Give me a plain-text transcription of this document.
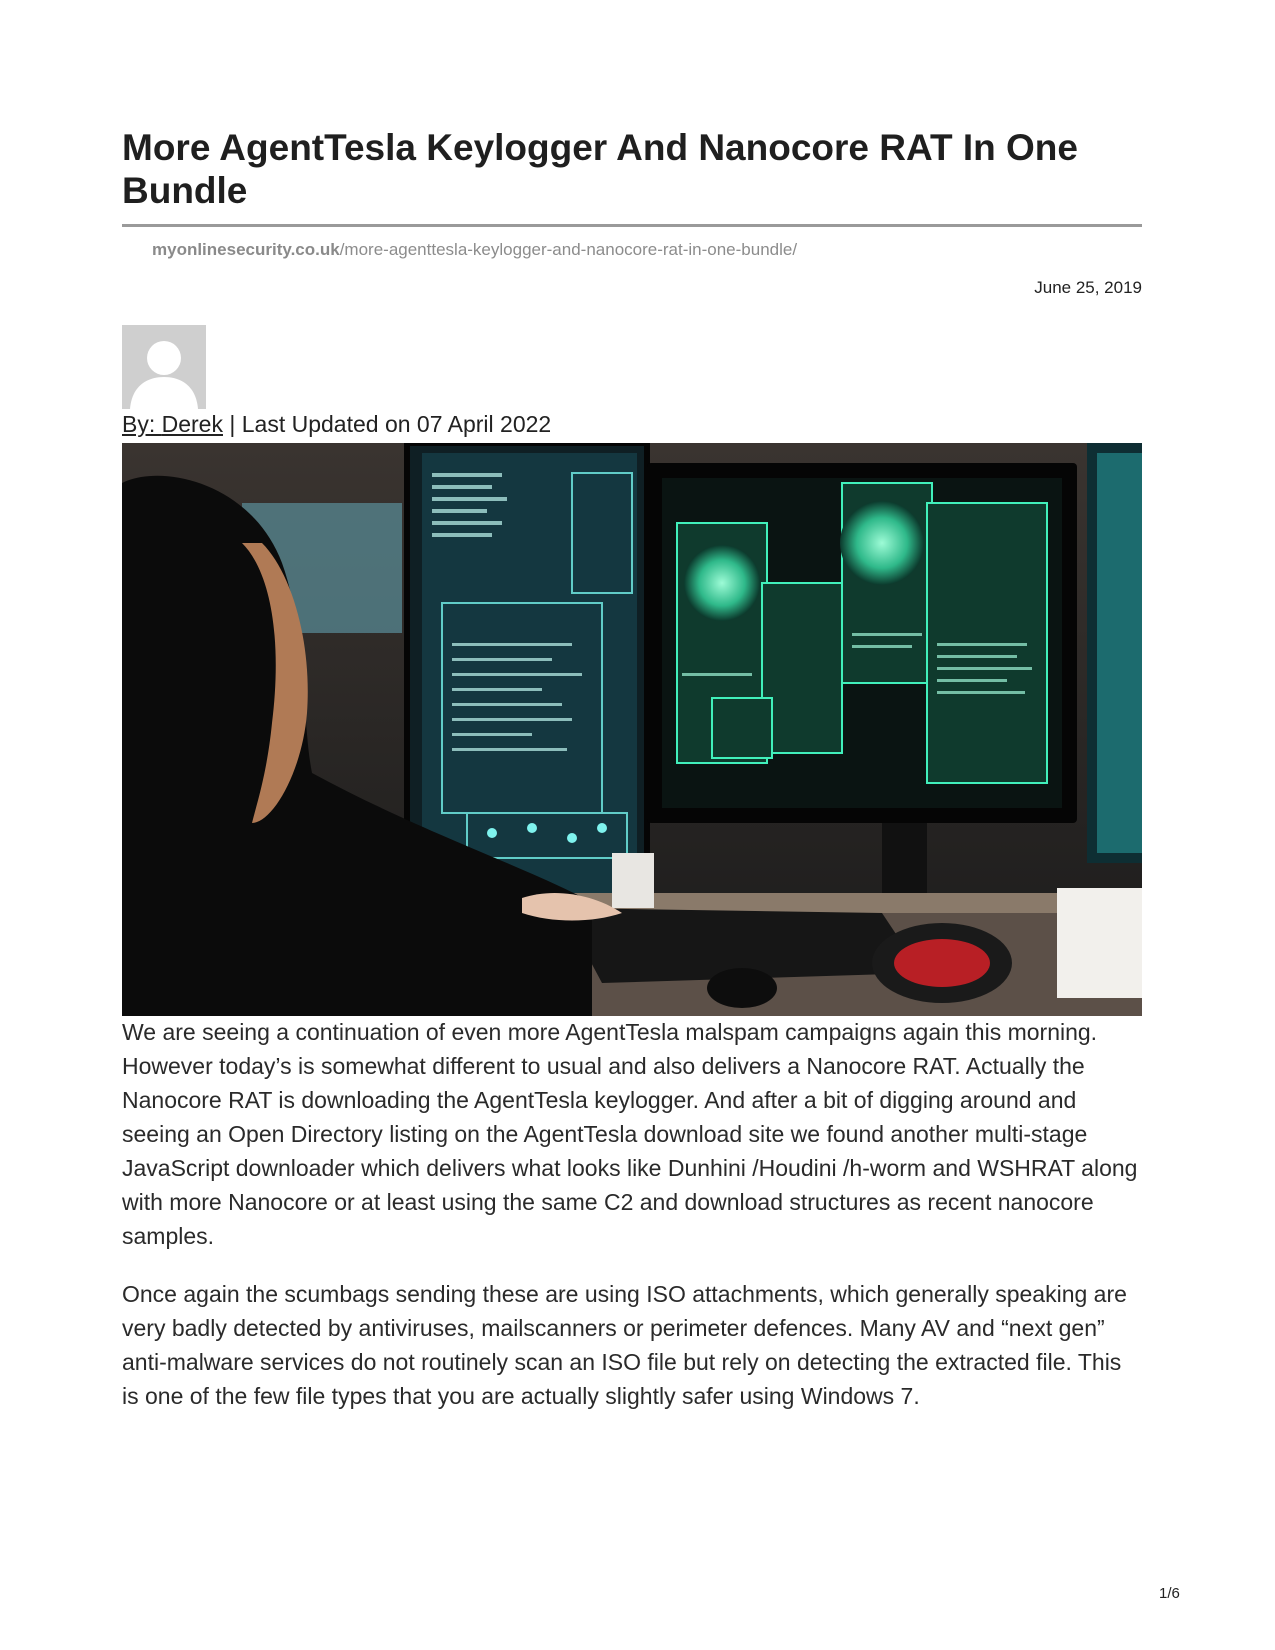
More AgentTesla Keylogger And Nanocore RAT In One Bundle
myonlinesecurity.co.uk/more-agenttesla-keylogger-and-nanocore-rat-in-one-bundle/
June 25, 2019
By: Derek | Last Updated on 07 April 2022

We are seeing a continuation of even more AgentTesla malspam campaigns again this morning. However today’s is somewhat different to usual and also delivers a Nanocore RAT. Actually the Nanocore RAT is downloading the AgentTesla keylogger. And after a bit of digging around and seeing an Open Directory listing on the AgentTesla download site we found another multi-stage JavaScript downloader which delivers what looks like Dunhini /Houdini /h-worm and WSHRAT along with more Nanocore or at least using the same C2 and download structures as recent nanocore samples.

Once again the scumbags sending these are using ISO attachments, which generally speaking are very badly detected by antiviruses, mailscanners or perimeter defences. Many AV and “next gen” anti-malware services do not routinely scan an ISO file but rely on detecting the extracted file. This is one of the few file types that you are actually slightly safer using Windows 7.

1/6
